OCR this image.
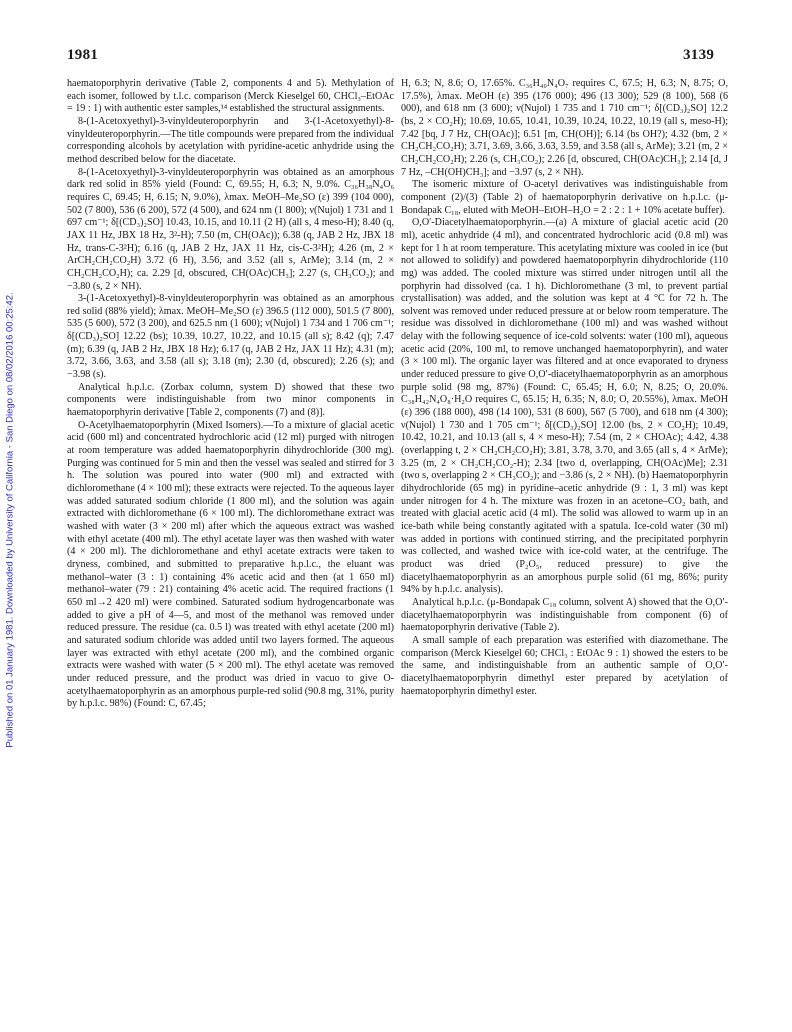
Published on 01 January 1981. Downloaded by University of California - San Diego on 08/02/2016 00:25:42.
1981	3139

haematoporphyrin derivative (Table 2, components 4 and 5). Methylation of each isomer, followed by t.l.c. comparison (Merck Kieselgel 60, CHCl₃–EtOAc = 19 : 1) with authentic ester samples,¹⁴ established the structural assignments.

8-(1-Acetoxyethyl)-3-vinyldeuteroporphyrin and 3-(1-Acetoxyethyl)-8-vinyldeuteroporphyrin.—The title compounds were prepared from the individual corresponding alcohols by acetylation with pyridine-acetic anhydride using the method described below for the diacetate.

8-(1-Acetoxyethyl)-3-vinyldeuteroporphyrin was obtained as an amorphous dark red solid in 85% yield (Found: C, 69.55; H, 6.3; N, 9.0%. C₃₆H₃₈N₄O₆ requires C, 69.45; H, 6.15; N, 9.0%), λmax. MeOH–Me₂SO (ε) 399 (104 000), 502 (7 800), 536 (6 200), 572 (4 500), and 624 nm (1 800); ν(Nujol) 1 731 and 1 697 cm⁻¹; δ[(CD₃)₂SO] 10.43, 10.15, and 10.11 (2 H) (all s, 4 meso-H); 8.40 (q, JAX 11 Hz, JBX 18 Hz, 3²-H); 7.50 (m, CH(OAc)); 6.38 (q, JAB 2 Hz, JBX 18 Hz, trans-C-3²H); 6.16 (q, JAB 2 Hz, JAX 11 Hz, cis-C-3²H); 4.26 (m, 2 × ArCH₂CH₂CO₂H) 3.72 (6 H), 3.56, and 3.52 (all s, ArMe); 3.14 (m, 2 × CH₂CH₂CO₂H); ca. 2.29 [d, obscured, CH(OAc)CH₃]; 2.27 (s, CH₃CO₂); and −3.80 (s, 2 × NH).

3-(1-Acetoxyethyl)-8-vinyldeuteroporphyrin was obtained as an amorphous red solid (88% yield); λmax. MeOH–Me₂SO (ε) 396.5 (112 000), 501.5 (7 800), 535 (5 600), 572 (3 200), and 625.5 nm (1 600); ν(Nujol) 1 734 and 1 706 cm⁻¹; δ[(CD₃)₂SO] 12.22 (bs); 10.39, 10.27, 10.22, and 10.15 (all s); 8.42 (q); 7.47 (m); 6.39 (q, JAB 2 Hz, JBX 18 Hz); 6.17 (q, JAB 2 Hz, JAX 11 Hz); 4.31 (m); 3.72, 3.66, 3.63, and 3.58 (all s); 3.18 (m); 2.30 (d, obscured); 2.26 (s); and −3.98 (s).

Analytical h.p.l.c. (Zorbax column, system D) showed that these two components were indistinguishable from two minor components in haematoporphyrin derivative [Table 2, components (7) and (8)].

O-Acetylhaematoporphyrin (Mixed Isomers).—To a mixture of glacial acetic acid (600 ml) and concentrated hydrochloric acid (12 ml) purged with nitrogen at room temperature was added haematoporphyrin dihydrochloride (300 mg). Purging was continued for 5 min and then the vessel was sealed and stirred for 3 h. The solution was poured into water (900 ml) and extracted with dichloromethane (4 × 100 ml); these extracts were rejected. To the aqueous layer was added saturated sodium chloride (1 800 ml), and the solution was again extracted with dichloromethane (6 × 100 ml). The dichloromethane extract was washed with water (3 × 200 ml) after which the aqueous extract was washed with ethyl acetate (400 ml). The ethyl acetate layer was then washed with water (4 × 200 ml). The dichloromethane and ethyl acetate extracts were taken to dryness, combined, and submitted to preparative h.p.l.c., the eluant was methanol–water (3 : 1) containing 4% acetic acid and then (at 1 650 ml) methanol–water (79 : 21) containing 4% acetic acid. The required fractions (1 650 ml→2 420 ml) were combined. Saturated sodium hydrogencarbonate was added to give a pH of 4—5, and most of the methanol was removed under reduced pressure. The residue (ca. 0.5 l) was treated with ethyl acetate (200 ml) and saturated sodium chloride was added until two layers formed. The aqueous layer was extracted with ethyl acetate (200 ml), and the combined organic extracts were washed with water (5 × 200 ml). The ethyl acetate was removed under reduced pressure, and the product was dried in vacuo to give O-acetylhaematoporphyrin as an amorphous purple-red solid (90.8 mg, 31%, purity by h.p.l.c. 98%) (Found: C, 67.45;

H, 6.3; N, 8.6; O, 17.65%. C₃₆H₄₀N₄O₇ requires C, 67.5; H, 6.3; N, 8.75; O, 17.5%), λmax. MeOH (ε) 395 (176 000); 496 (13 300); 529 (8 100), 568 (6 000), and 618 nm (3 600); ν(Nujol) 1 735 and 1 710 cm⁻¹; δ[(CD₃)₂SO] 12.2 (bs, 2 × CO₂H); 10.69, 10.65, 10.41, 10.39, 10.24, 10.22, 10.19 (all s, meso-H); 7.42 [bq, J 7 Hz, CH(OAc)]; 6.51 [m, CH(OH)]; 6.14 (bs OH?); 4.32 (bm, 2 × CH₂CH₂CO₂H); 3.71, 3.69, 3.66, 3.63, 3.59, and 3.58 (all s, ArMe); 3.21 (m, 2 × CH₂CH₂CO₂H); 2.26 (s, CH₃CO₂); 2.26 [d, obscured, CH(OAc)CH₃]; 2.14 [d, J 7 Hz, –CH(OH)CH₃]; and −3.97 (s, 2 × NH).

The isomeric mixture of O-acetyl derivatives was indistinguishable from component (2)/(3) (Table 2) of haematoporphyrin derivative on h.p.l.c. (μ-Bondapak C₁₈, eluted with MeOH–EtOH–H₂O = 2 : 2 : 1 + 10% acetate buffer).

O,O′-Diacetylhaematoporphyrin.—(a) A mixture of glacial acetic acid (20 ml), acetic anhydride (4 ml), and concentrated hydrochloric acid (0.8 ml) was kept for 1 h at room temperature. This acetylating mixture was cooled in ice (but not allowed to solidify) and powdered haematoporphyrin dihydrochloride (110 mg) was added. The cooled mixture was stirred under nitrogen until all the porphyrin had dissolved (ca. 1 h). Dichloromethane (3 ml, to prevent partial crystallisation) was added, and the solution was kept at 4 °C for 72 h. The solvent was removed under reduced pressure at or below room temperature. The residue was dissolved in dichloromethane (100 ml) and was washed without delay with the following sequence of ice-cold solvents: water (100 ml), aqueous acetic acid (20%, 100 ml, to remove unchanged haematoporphyrin), and water (3 × 100 ml). The organic layer was filtered and at once evaporated to dryness under reduced pressure to give O,O′-diacetylhaematoporphyrin as an amorphous purple solid (98 mg, 87%) (Found: C, 65.45; H, 6.0; N, 8.25; O, 20.0%. C₃₈H₄₂N₄O₈·H₂O requires C, 65.15; H, 6.35; N, 8.0; O, 20.55%), λmax. MeOH (ε) 396 (188 000), 498 (14 100), 531 (8 600), 567 (5 700), and 618 nm (4 300); ν(Nujol) 1 730 and 1 705 cm⁻¹; δ[(CD₃)₂SO] 12.00 (bs, 2 × CO₂H); 10.49, 10.42, 10.21, and 10.13 (all s, 4 × meso-H); 7.54 (m, 2 × CHOAc); 4.42, 4.38 (overlapping t, 2 × CH₂CH₂CO₂H); 3.81, 3.78, 3.70, and 3.65 (all s, 4 × ArMe); 3.25 (m, 2 × CH₂CH₂CO₂-H); 2.34 [two d, overlapping, CH(OAc)Me]; 2.31 (two s, overlapping 2 × CH₃CO₂); and −3.86 (s, 2 × NH). (b) Haematoporphyrin dihydrochloride (65 mg) in pyridine–acetic anhydride (9 : 1, 3 ml) was kept under nitrogen for 4 h. The mixture was frozen in an acetone–CO₂ bath, and treated with glacial acetic acid (4 ml). The solid was allowed to warm up in an ice-bath while being constantly agitated with a spatula. Ice-cold water (30 ml) was added in portions with continued stirring, and the precipitated porphyrin was collected, and washed twice with ice-cold water, at the centrifuge. The product was dried (P₂O₅, reduced pressure) to give the diacetylhaematoporphyrin as an amorphous purple solid (61 mg, 86%; purity 94% by h.p.l.c. analysis).

Analytical h.p.l.c. (μ-Bondapak C₁₈ column, solvent A) showed that the O,O′-diacetylhaematoporphyrin was indistinguishable from component (6) of haematoporphyrin derivative (Table 2).

A small sample of each preparation was esterified with diazomethane. The comparison (Merck Kieselgel 60; CHCl₃ : EtOAc 9 : 1) showed the esters to be the same, and indistinguishable from an authentic sample of O,O′-diacetylhaematoporphyrin dimethyl ester prepared by acetylation of haematoporphyrin dimethyl ester.
